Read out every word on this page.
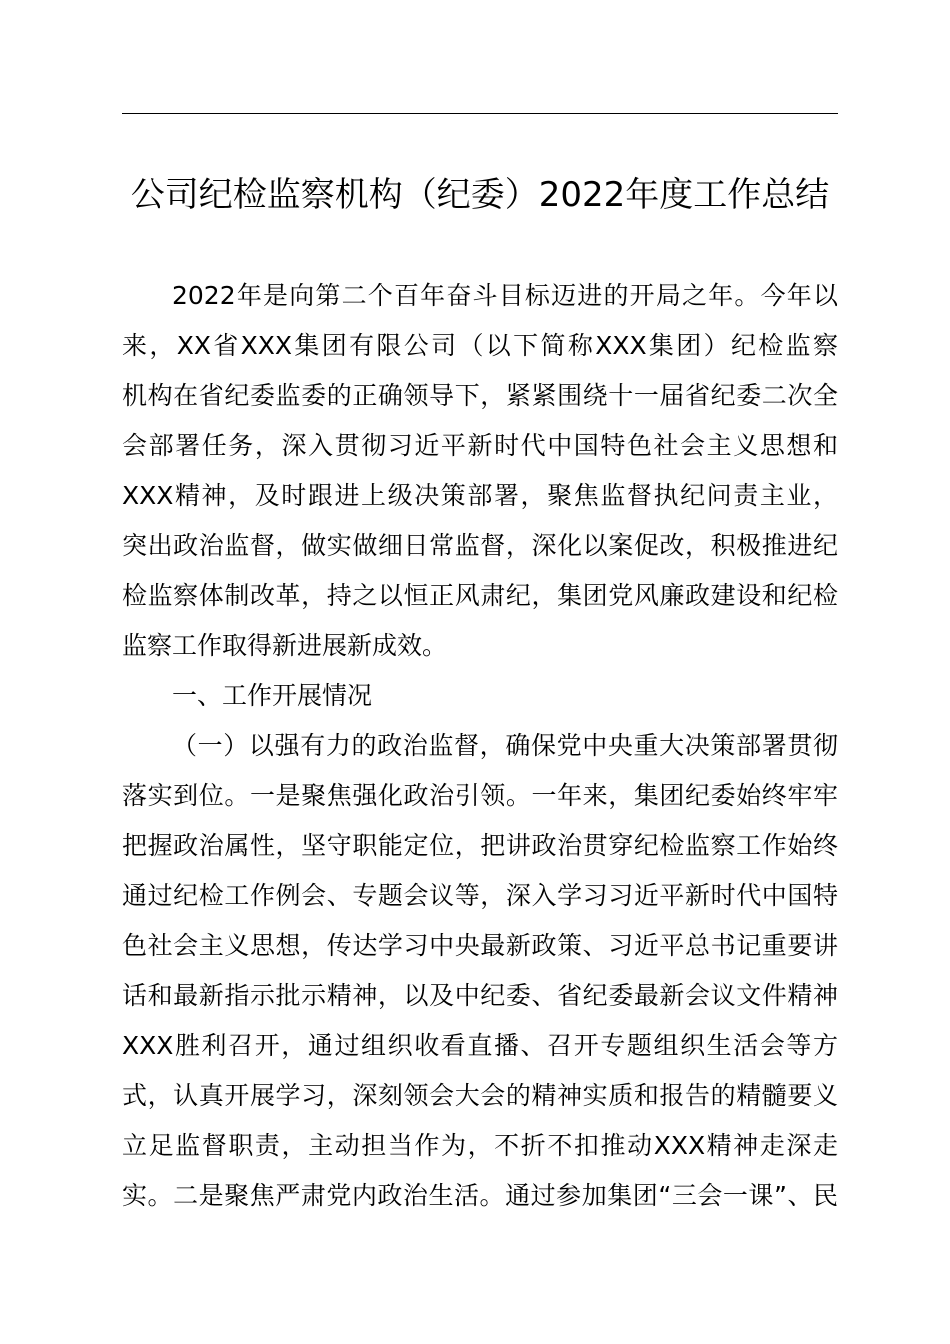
公司纪检监察机构（纪委）2022年度工作总结
2022年是向第二个百年奋斗目标迈进的开局之年。今年以
来，XX省XXX集团有限公司（以下简称XXX集团）纪检监察
机构在省纪委监委的正确领导下，紧紧围绕十一届省纪委二次全
会部署任务，深入贯彻习近平新时代中国特色社会主义思想和
XXX精神，及时跟进上级决策部署，聚焦监督执纪问责主业，
突出政治监督，做实做细日常监督，深化以案促改，积极推进纪
检监察体制改革，持之以恒正风肃纪，集团党风廉政建设和纪检
监察工作取得新进展新成效。
一、工作开展情况
（一）以强有力的政治监督，确保党中央重大决策部署贯彻
落实到位。一是聚焦强化政治引领。一年来，集团纪委始终牢牢
把握政治属性，坚守职能定位，把讲政治贯穿纪检监察工作始终
通过纪检工作例会、专题会议等，深入学习习近平新时代中国特
色社会主义思想，传达学习中央最新政策、习近平总书记重要讲
话和最新指示批示精神，以及中纪委、省纪委最新会议文件精神
XXX胜利召开，通过组织收看直播、召开专题组织生活会等方
式，认真开展学习，深刻领会大会的精神实质和报告的精髓要义
立足监督职责，主动担当作为，不折不扣推动XXX精神走深走
实。二是聚焦严肃党内政治生活。通过参加集团“三会一课”、民
